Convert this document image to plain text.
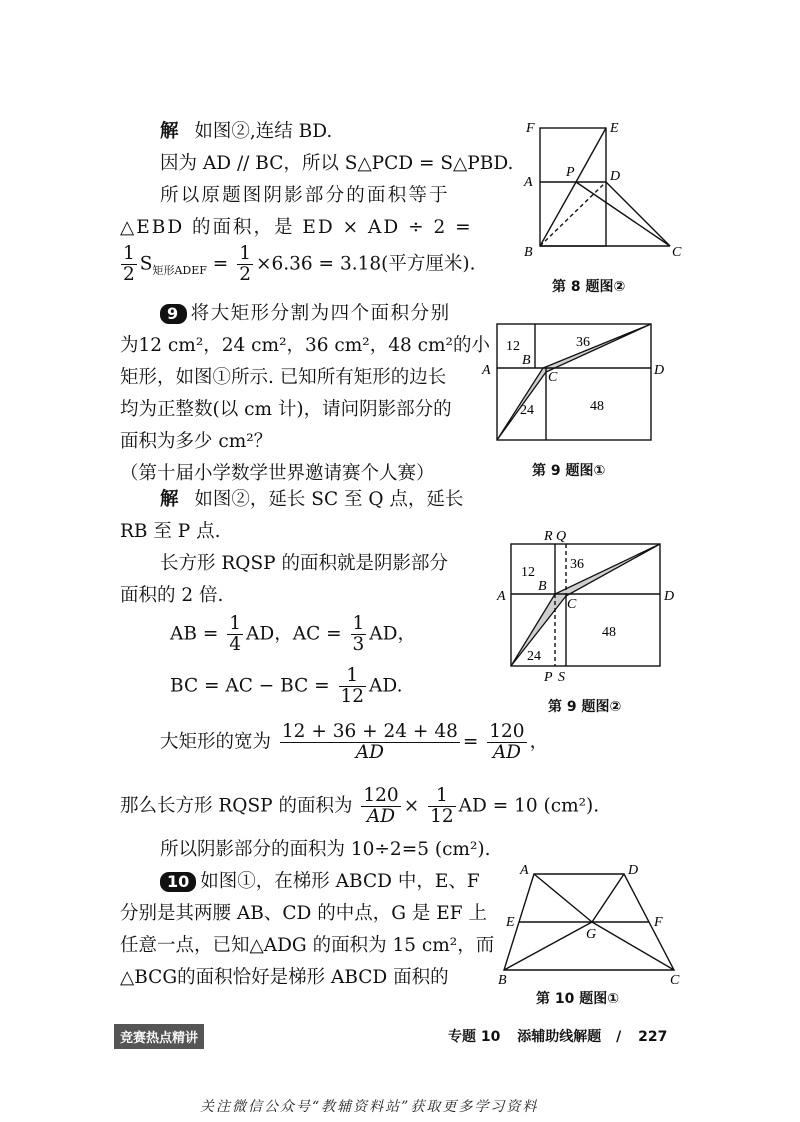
解 如图②,连结 BD.
因为 AD // BC，所以 S△PCD = S△PBD.
所以原题图阴影部分的面积等于
△EBD 的面积，是 ED × AD ÷ 2 =
$\frac{1}{2} S_{矩形ADEF} = \frac{1}{2} \times 6.36 = 3.18$(平方厘米).
F	E
A
P	D
B	C
第 8 题图②
9 将大矩形分割为四个面积分别
为12 cm²，24 cm²，36 cm²，48 cm²的小
矩形，如图①所示. 已知所有矩形的边长
均为正整数(以 cm 计)，请问阴影部分的
面积为多少 cm²？
（第十届小学数学世界邀请赛个人赛）
12	36
B
C
A	D
24	48
第 9 题图①
解 如图②，延长 SC 至 Q 点，延长
RB 至 P 点.
长方形 RQSP 的面积就是阴影部分
面积的 2 倍.
AB = $\frac{1}{4}$ AD，AC = $\frac{1}{3}$ AD，
BC = AC − BC = $\frac{1}{12}$ AD.
R Q
12
36
B
C
A	D
24
48
P S
第 9 题图②
大矩形的宽为 $\frac{12 + 36 + 24 + 48}{AD} = \frac{120}{AD}$ ，
那么长方形 RQSP 的面积为 $\frac{120}{AD} \times \frac{1}{12}$ AD = 10 (cm²).
所以阴影部分的面积为 10÷2=5 (cm²).
10 如图①，在梯形 ABCD 中，E、F
分别是其两腰 AB、CD 的中点，G 是 EF 上
任意一点，已知△ADG 的面积为 15 cm²，而
△BCG的面积恰好是梯形 ABCD 面积的
A	D
E
G
F
B	C
第 10 题图①
竞赛热点精讲	专题 10 添辅助线解题 / 227
关注微信公众号“教辅资料站”获取更多学习资料
